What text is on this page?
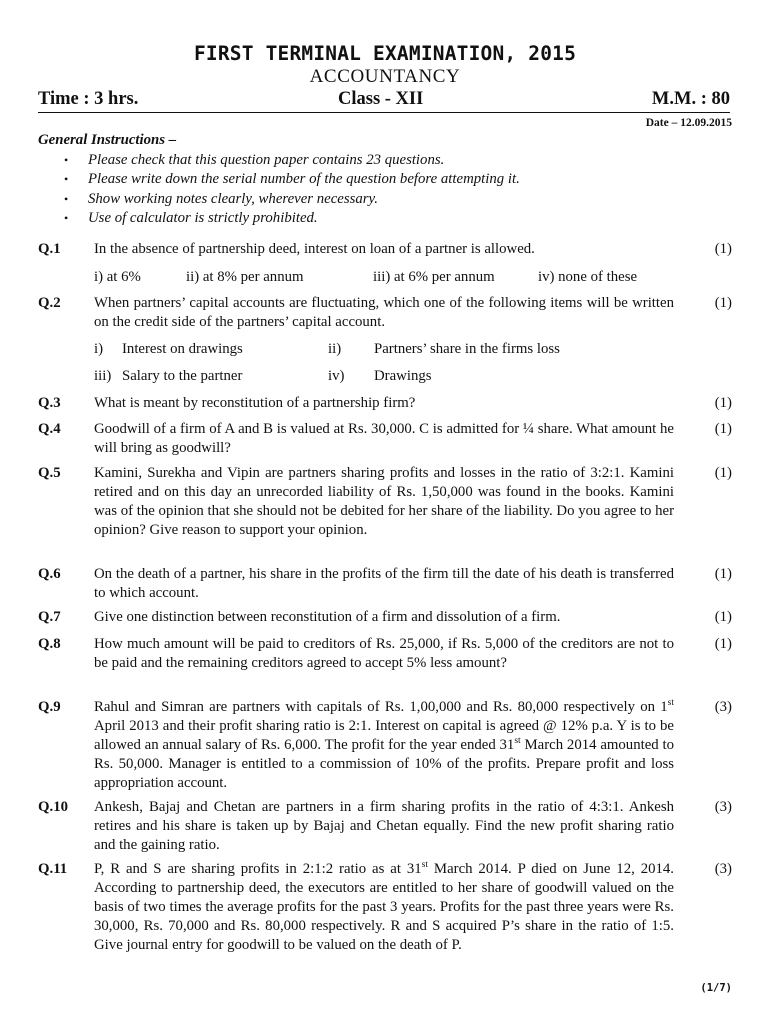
FIRST TERMINAL EXAMINATION, 2015
ACCOUNTANCY
Time : 3 hrs.	Class - XII	M.M. : 80
Date – 12.09.2015
General Instructions –
• Please check that this question paper contains 23 questions.
• Please write down the serial number of the question before attempting it.
• Show working notes clearly, wherever necessary.
• Use of calculator is strictly prohibited.
Q.1 In the absence of partnership deed, interest on loan of a partner is allowed.	(1)
i) at 6%	ii) at 8% per annum	iii) at 6% per annum	iv) none of these
Q.2 When partners’ capital accounts are fluctuating, which one of the following items will be written on the credit side of the partners’ capital account.
(1)
i) Interest on drawings	ii) Partners’ share in the firms loss
iii) Salary to the partner	iv) Drawings
Q.3 What is meant by reconstitution of a partnership firm?	(1)
Q.4 Goodwill of a firm of A and B is valued at Rs. 30,000. C is admitted for ¼ share. What amount he will bring as goodwill?
(1)
Q.5 Kamini, Surekha and Vipin are partners sharing profits and losses in the ratio of 3:2:1. Kamini retired and on this day an unrecorded liability of Rs. 1,50,000 was found in the books. Kamini was of the opinion that she should not be debited for her share of the liability. Do you agree to her opinion? Give reason to support your opinion.
(1)
Q.6 On the death of a partner, his share in the profits of the firm till the date of his death is transferred to which account.
(1)
Q.7 Give one distinction between reconstitution of a firm and dissolution of a firm.	(1)
Q.8 How much amount will be paid to creditors of Rs. 25,000, if Rs. 5,000 of the creditors are not to be paid and the remaining creditors agreed to accept 5% less amount?
(1)
Q.9 Rahul and Simran are partners with capitals of Rs. 1,00,000 and Rs. 80,000 respectively on 1st April 2013 and their profit sharing ratio is 2:1. Interest on capital is agreed @ 12% p.a. Y is to be allowed an annual salary of Rs. 6,000. The profit for the year ended 31st March 2014 amounted to Rs. 50,000. Manager is entitled to a commission of 10% of the profits. Prepare profit and loss appropriation account.
(3)
Q.10 Ankesh, Bajaj and Chetan are partners in a firm sharing profits in the ratio of 4:3:1. Ankesh retires and his share is taken up by Bajaj and Chetan equally. Find the new profit sharing ratio and the gaining ratio.
(3)
Q.11 P, R and S are sharing profits in 2:1:2 ratio as at 31st March 2014. P died on June 12, 2014. According to partnership deed, the executors are entitled to her share of goodwill valued on the basis of two times the average profits for the past 3 years. Profits for the past three years were Rs. 30,000, Rs. 70,000 and Rs. 80,000 respectively. R and S acquired P’s share in the ratio of 1:5. Give journal entry for goodwill to be valued on the death of P.
(3)
(1/7)
